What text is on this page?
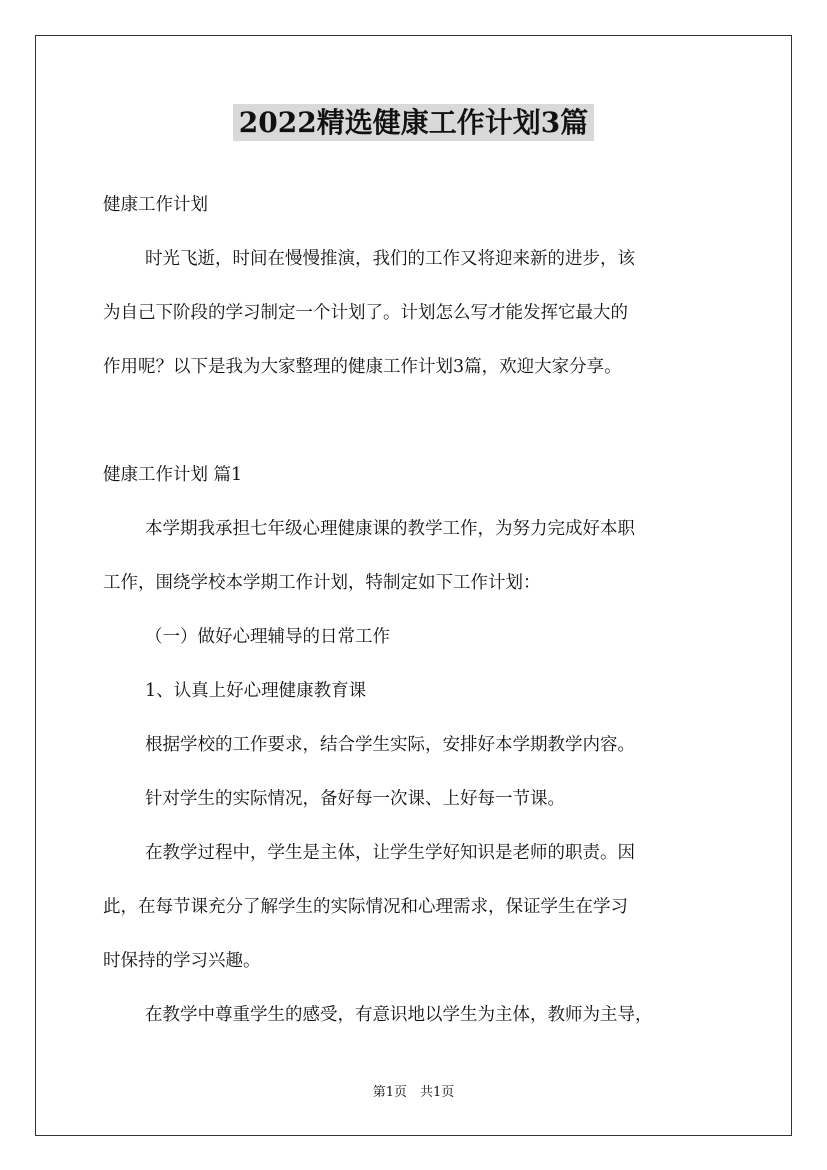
2022精选健康工作计划3篇

健康工作计划

时光飞逝，时间在慢慢推演，我们的工作又将迎来新的进步，该

为自己下阶段的学习制定一个计划了。计划怎么写才能发挥它最大的

作用呢？以下是我为大家整理的健康工作计划3篇，欢迎大家分享。

健康工作计划 篇1

本学期我承担七年级心理健康课的教学工作，为努力完成好本职

工作，围绕学校本学期工作计划，特制定如下工作计划：

（一）做好心理辅导的日常工作

1、认真上好心理健康教育课

根据学校的工作要求，结合学生实际，安排好本学期教学内容。

针对学生的实际情况，备好每一次课、上好每一节课。

在教学过程中，学生是主体，让学生学好知识是老师的职责。因

此，在每节课充分了解学生的实际情况和心理需求，保证学生在学习

时保持的学习兴趣。

在教学中尊重学生的感受，有意识地以学生为主体，教师为主导，

第1页　共1页
